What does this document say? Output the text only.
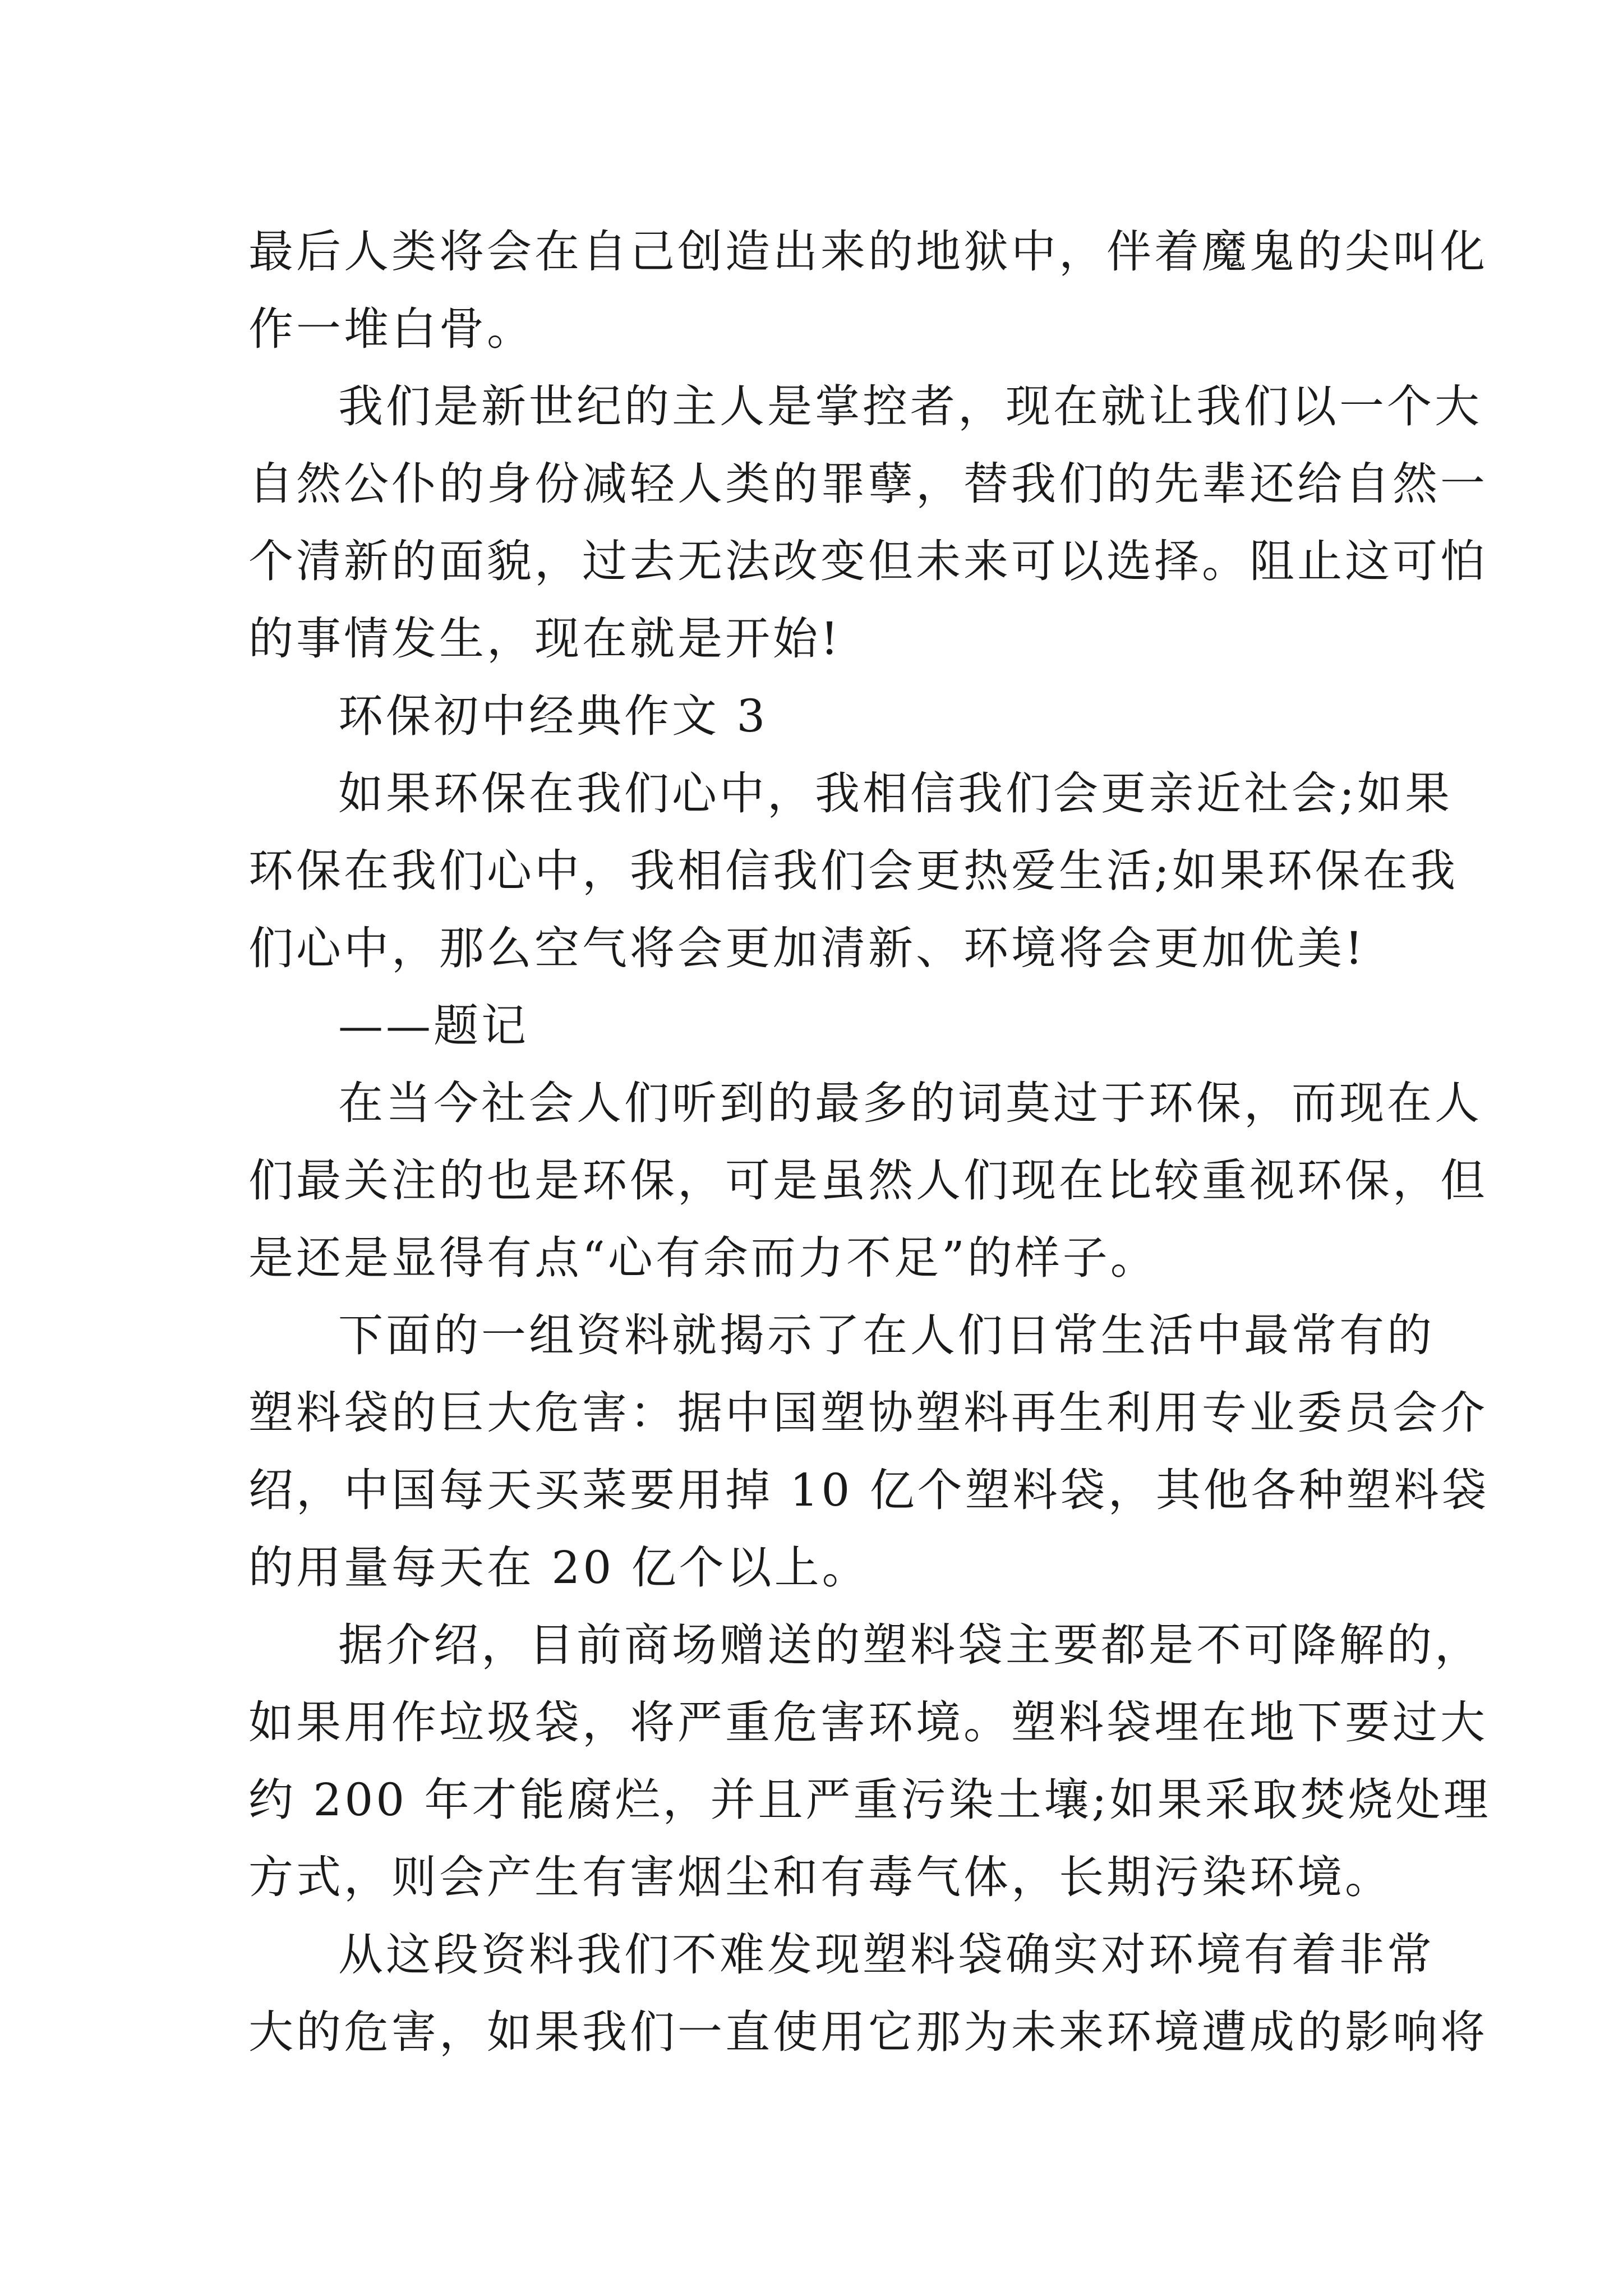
最后人类将会在自己创造出来的地狱中，伴着魔鬼的尖叫化
作一堆白骨。
我们是新世纪的主人是掌控者，现在就让我们以一个大
自然公仆的身份减轻人类的罪孽，替我们的先辈还给自然一
个清新的面貌，过去无法改变但未来可以选择。阻止这可怕
的事情发生，现在就是开始!
环保初中经典作文 3
如果环保在我们心中，我相信我们会更亲近社会;如果
环保在我们心中，我相信我们会更热爱生活;如果环保在我
们心中，那么空气将会更加清新、环境将会更加优美!
——题记
在当今社会人们听到的最多的词莫过于环保，而现在人
们最关注的也是环保，可是虽然人们现在比较重视环保，但
是还是显得有点“心有余而力不足”的样子。
下面的一组资料就揭示了在人们日常生活中最常有的
塑料袋的巨大危害：据中国塑协塑料再生利用专业委员会介
绍，中国每天买菜要用掉 10 亿个塑料袋，其他各种塑料袋
的用量每天在 20 亿个以上。
据介绍，目前商场赠送的塑料袋主要都是不可降解的，
如果用作垃圾袋，将严重危害环境。塑料袋埋在地下要过大
约 200 年才能腐烂，并且严重污染土壤;如果采取焚烧处理
方式，则会产生有害烟尘和有毒气体，长期污染环境。
从这段资料我们不难发现塑料袋确实对环境有着非常
大的危害，如果我们一直使用它那为未来环境遭成的影响将
